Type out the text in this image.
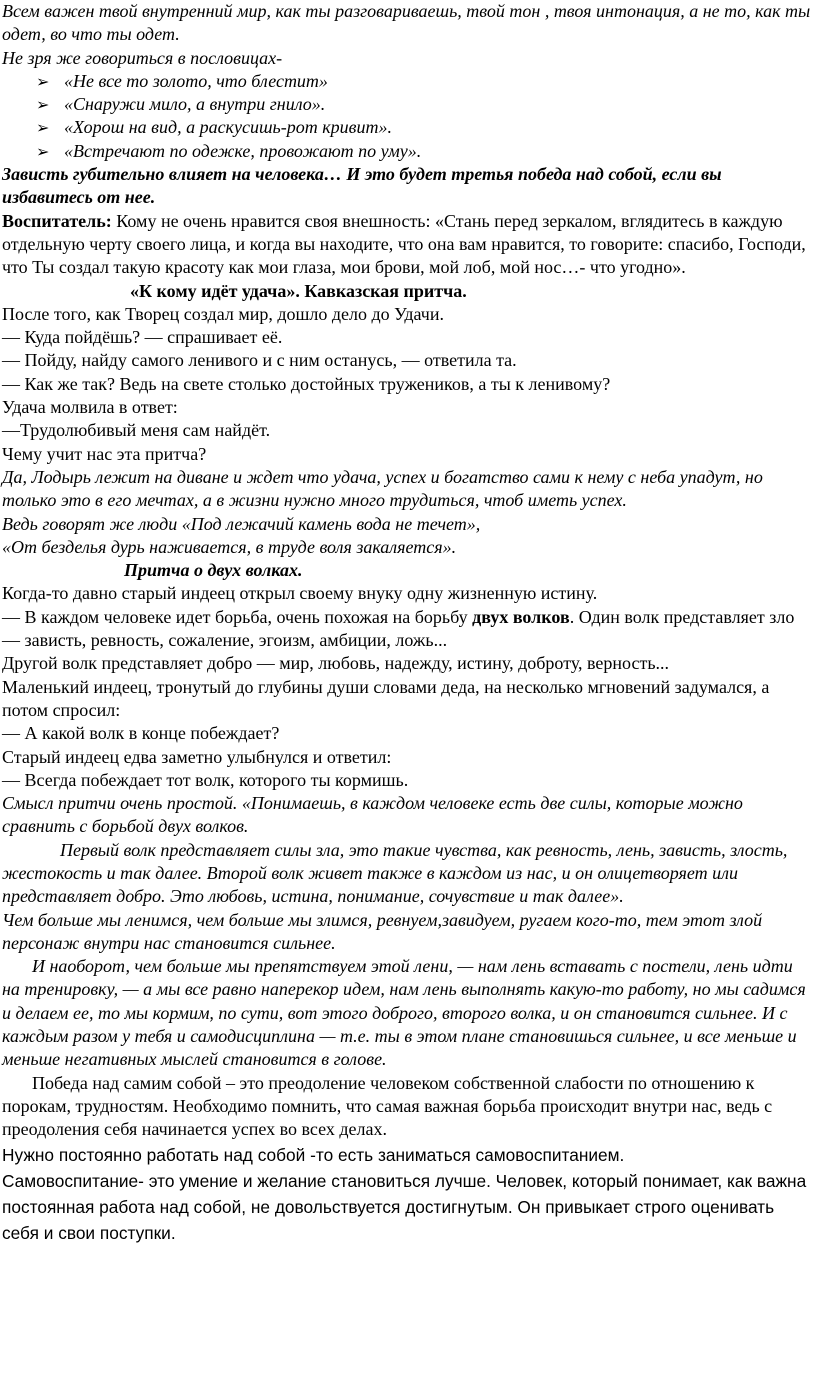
Всем важен твой внутренний мир, как ты разговариваешь, твой тон , твоя интонация, а не то, как ты одет, во что ты одет.

Не зря же говориться в пословицах-

➢ «Не все то золото, что блестит»
➢ «Снаружи мило, а внутри гнило».
➢ «Хорош на вид, а раскусишь-рот кривит».
➢ «Встречают по одежке, провожают по уму».

Зависть губительно влияет на человека… И это будет третья победа над собой, если вы избавитесь от нее.

Воспитатель: Кому не очень нравится своя внешность: «Стань перед зеркалом, вглядитесь в каждую отдельную черту своего лица, и когда вы находите, что она вам нравится, то говорите: спасибо, Господи, что Ты создал такую красоту как мои глаза, мои брови, мой лоб, мой нос…- что угодно».

«К кому идёт удача». Кавказская притча.

После того, как Творец создал мир, дошло дело до Удачи.

— Куда пойдёшь? — спрашивает её.

— Пойду, найду самого ленивого и с ним останусь, — ответила та.

— Как же так? Ведь на свете столько достойных тружеников, а ты к ленивому?

Удача молвила в ответ:

—Трудолюбивый меня сам найдёт.

Чему учит нас эта притча?

Да, Лодырь лежит на диване и ждет что удача, успех и богатство сами к нему с неба упадут, но только это в его мечтах, а в жизни нужно много трудиться, чтоб иметь успех.

Ведь говорят же люди «Под лежачий камень вода не течет»,

«От безделья дурь наживается, в труде воля закаляется».

Притча о двух волках.

Когда-то давно старый индеец открыл своему внуку одну жизненную истину.

— В каждом человеке идет борьба, очень похожая на борьбу двух волков. Один волк представляет зло — зависть, ревность, сожаление, эгоизм, амбиции, ложь...

Другой волк представляет добро — мир, любовь, надежду, истину, доброту, верность...

Маленький индеец, тронутый до глубины души словами деда, на несколько мгновений задумался, а потом спросил:

— А какой волк в конце побеждает?

Старый индеец едва заметно улыбнулся и ответил:

— Всегда побеждает тот волк, которого ты кормишь.

Смысл притчи очень простой. «Понимаешь, в каждом человеке есть две силы, которые можно сравнить с борьбой двух волков.

Первый волк представляет силы зла, это такие чувства, как ревность, лень, зависть, злость, жестокость и так далее. Второй волк живет также в каждом из нас, и он олицетворяет или представляет добро. Это любовь, истина, понимание, сочувствие и так далее».

Чем больше мы ленимся, чем больше мы злимся, ревнуем,завидуем, ругаем кого-то, тем этот злой персонаж внутри нас становится сильнее.

И наоборот, чем больше мы препятствуем этой лени, — нам лень вставать с постели, лень идти на тренировку, — а мы все равно наперекор идем, нам лень выполнять какую-то работу, но мы садимся и делаем ее, то мы кормим, по сути, вот этого доброго, второго волка, и он становится сильнее. И с каждым разом у тебя и самодисциплина — т.е. ты в этом плане становишься сильнее, и все меньше и меньше негативных мыслей становится в голове.

Победа над самим собой – это преодоление человеком собственной слабости по отношению к порокам, трудностям. Необходимо помнить, что самая важная борьба происходит внутри нас, ведь с преодоления себя начинается успех во всех делах.

Нужно постоянно работать над собой -то есть заниматься самовоспитанием.

Самовоспитание- это умение и желание становиться лучше. Человек, который понимает, как важна постоянная работа над собой, не довольствуется достигнутым. Он привыкает строго оценивать себя и свои поступки.
